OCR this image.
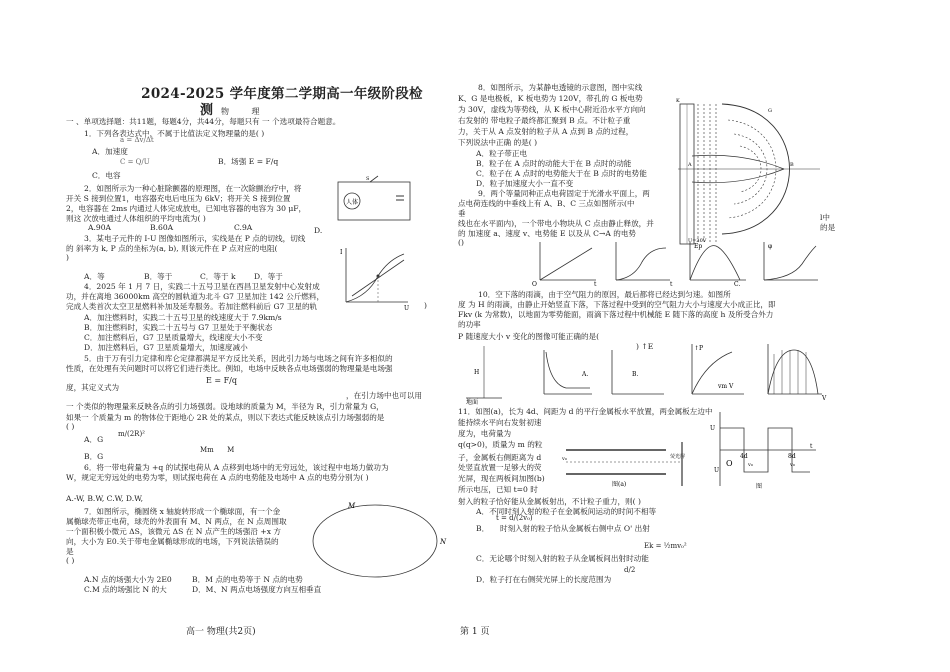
2024-2025 学年度第二学期高一年级阶段检
测 物 理
一 、单项选择题：共11题，每题4分，共44分，每题只有 一 个选项最符合题意。
1．下列各表达式中，不属于比值法定义物理量的是( )
A．加速度
a = Δv/Δt
B．场强 E = F/q
C = Q/U
C．电容
2．如图所示为一种心脏除颤器的原理图，在一次除颤治疗中，将
开关 S 接到位置1，电容器充电后电压为 6kV；将开关 S 接到位置
2，电容器在 2ms 内通过人体完成放电，已知电容器的电容为 30 μF，
则这 次放电通过人体组织的平均电流为( )
A.90A	B.60A	C.9A	D.
人体
S
3．某电子元件的 I-U 图像如图所示，实线是在 P 点的切线，切线
的 斜率为 k, P 点的坐标为(a, b), 则该元件在 P 点对应的电阻(
)
A．等	B．等于	C．等于 k D．等于
I
U
4．2025 年 1 月 7 日，实践二十五号卫星在西昌卫星发射中心发射成
功，并在离地 36000km 高空的圆轨道为北斗 G7 卫星加注 142 公斤燃料，
完成人类首次太空卫星燃料补加及延寿服务。若加注燃料前后 G7 卫星的轨	)
A．加注燃料时，实践二十五号卫星的线速度大于 7.9km/s
B．加注燃料时，实践二十五号与 G7 卫星处于平衡状态
C．加注燃料后，G7 卫星质量增大，线速度大小不变
D．加注燃料后，G7 卫星质量增大，加速度减小
5．由于万有引力定律和库仑定律都满足平方反比关系，因此引力场与电场之间有许多相似的
性质，在处理有关问题时可以将它们进行类比。例如，电场中反映各点电场强弱的物理量是电场强
度，其定义式为
E = F/q
，在引力场中也可以用
一 个类似的物理量来反映各点的引力场强弱。设地球的质量为 M，半径为 R，引力常量为 G，
如果一 个质量为 m 的物体位于距地心 2R 处的某点，则以下表达式能反映该点引力场强弱的是
( )
A．G
m/(2R)²
B．G
Mm      M
6．将一带电荷量为 +q 的试探电荷从 A 点移到电场中的无穷远处，该过程中电场力做功为
W，规定无穷远处的电势为零，则试探电荷在 A 点的电势能及电场中 A 点的电势分别为( )
A.-W, B.W, C.W, D.W,
7．如图所示，椭圆绕 x 轴旋转形成一个椭球面，有一个金
属椭球壳带正电荷，球壳的外表面有 M、N 两点，在 N 点周围取
一个面积极小微元 ΔS，该微元 ΔS 在 N 点产生的场强沿 +x 方
向，大小为 E0.关于带电金属椭球形成的电场，下列说法错误的
是
( )
A.N 点的场强大小为 2E0	B．M 点的电势等于 N 点的电势
C.M 点的场强比 N 的大	D．M、N 两点电场强度方向互相垂直
M
N
8．如图所示，为某静电透镜的示意图，图中实线
K、G 是电极板，K 板电势为 120V，带孔的 G 板电势
为 30V，虚线为等势线，从 K 板中心附近沿水平方向向
右发射的 带电粒子最终都汇聚到 B 点。不计粒子重
力，关于从 A 点发射的粒子从 A 点到 B 点的过程，
下列说法中正确 的是( )
A．粒子带正电
B．粒子在 A 点时的动能大于在 B 点时的动能
C．粒子在 A 点时的电势能大于在 B 点时的电势能
D．粒子加速度大小一直不变
K
B
A
U=30V
G
9．两个等量同种正点电荷固定于光滑水平面上，两
点电荷连线的中垂线上有 A、B、C 三点如图所示(中
垂
线也在水平面内)，一个带电小物块从 C 点由静止释放，并
的 加速度 a、速度 v、电势能 E 以及从 C→A 的电势
()
l中
的是
O	t	t
Ep
C.
φ
10．空下落的雨滴，由于空气阻力的原因，最后都将已经达到匀速。如图所
度 为 H 的雨滴，由静止开始竖直下落，下落过程中受到的空气阻力大小与速度大小成正比，即
Fkv (k 为常数)，以地面为零势能面，雨滴下落过程中机械能 E 随下落的高度 h 及所受合外力
的功率
P 随速度大小 v 变化的图像可能正确的是(
) ↑E
H
地面
A.	B.
↑P
vm V
V
11．如图(a)，长为 4d、间距为 d 的平行金属板水平放置，两金属板左边中
能持续水平向右发射初速
度为，电荷量为
q(q>0)，质量为 m 的粒
子，金属板右侧距离为 d
处竖直放置一足够大的荧
光屏，现在两板间加图(b)
所示电压，已知 t=0 时
射入的粒子恰好能从金属板射出，不计粒子重力，则( )
A．不同时刻入射的粒子在金属板间运动的时间不相等
B．
t = d/(2v₀)
时刻入射的粒子恰从金属板右侧中点 O' 出射
C．无论哪个时刻入射的粒子从金属板间出射时动能
Ek = ½mv₀²
D．粒子打在右侧荧光屏上的长度范围为
d/2
图(a)
荧光屏
v₀
U
U
4d	8d
v₀	v₀
O
t
图
高一 物理(共2页)	第 1 页
